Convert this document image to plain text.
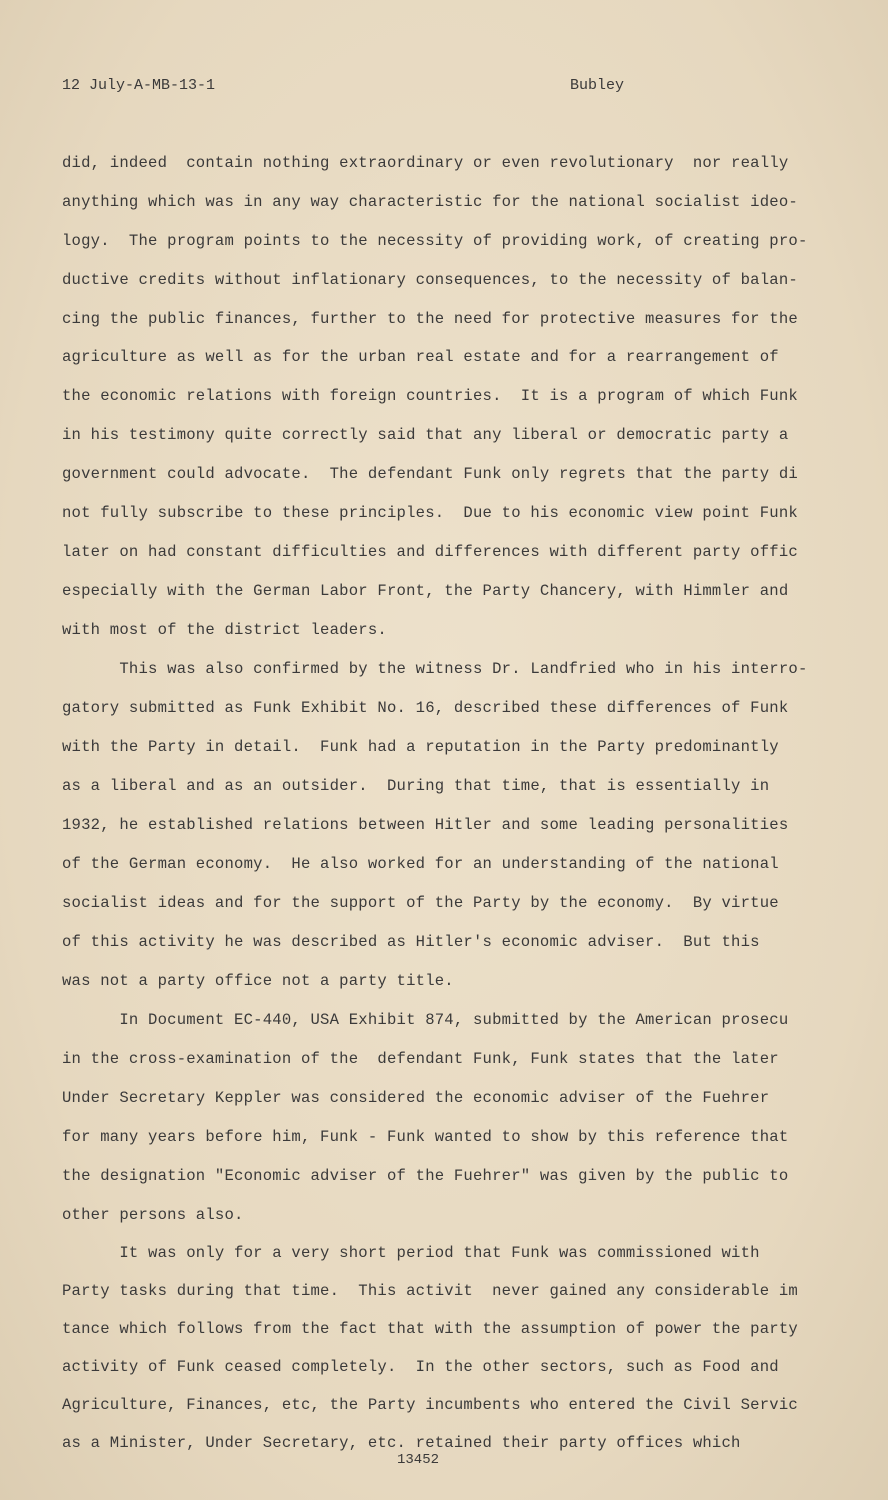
12 July-A-MB-13-1	Bubley
did, indeed  contain nothing extraordinary or even revolutionary  nor really
anything which was in any way characteristic for the national socialist ideo-
logy.  The program points to the necessity of providing work, of creating pro-
ductive credits without inflationary consequences, to the necessity of balan-
cing the public finances, further to the need for protective measures for the
agriculture as well as for the urban real estate and for a rearrangement of
the economic relations with foreign countries.  It is a program of which Funk
in his testimony quite correctly said that any liberal or democratic party a
government could advocate.  The defendant Funk only regrets that the party di
not fully subscribe to these principles.  Due to his economic view point Funk
later on had constant difficulties and differences with different party offic
especially with the German Labor Front, the Party Chancery, with Himmler and
with most of the district leaders.
This was also confirmed by the witness Dr. Landfried who in his interro-
gatory submitted as Funk Exhibit No. 16, described these differences of Funk
with the Party in detail.  Funk had a reputation in the Party predominantly
as a liberal and as an outsider.  During that time, that is essentially in
1932, he established relations between Hitler and some leading personalities
of the German economy.  He also worked for an understanding of the national
socialist ideas and for the support of the Party by the economy.  By virtue
of this activity he was described as Hitler's economic adviser.  But this
was not a party office not a party title.
In Document EC-440, USA Exhibit 874, submitted by the American prosecu
in the cross-examination of the  defendant Funk, Funk states that the later
Under Secretary Keppler was considered the economic adviser of the Fuehrer
for many years before him, Funk - Funk wanted to show by this reference that
the designation "Economic adviser of the Fuehrer" was given by the public to
other persons also.
It was only for a very short period that Funk was commissioned with
Party tasks during that time.  This activit  never gained any considerable im
tance which follows from the fact that with the assumption of power the party
activity of Funk ceased completely.  In the other sectors, such as Food and
Agriculture, Finances, etc, the Party incumbents who entered the Civil Servic
as a Minister, Under Secretary, etc. retained their party offices which
13452
